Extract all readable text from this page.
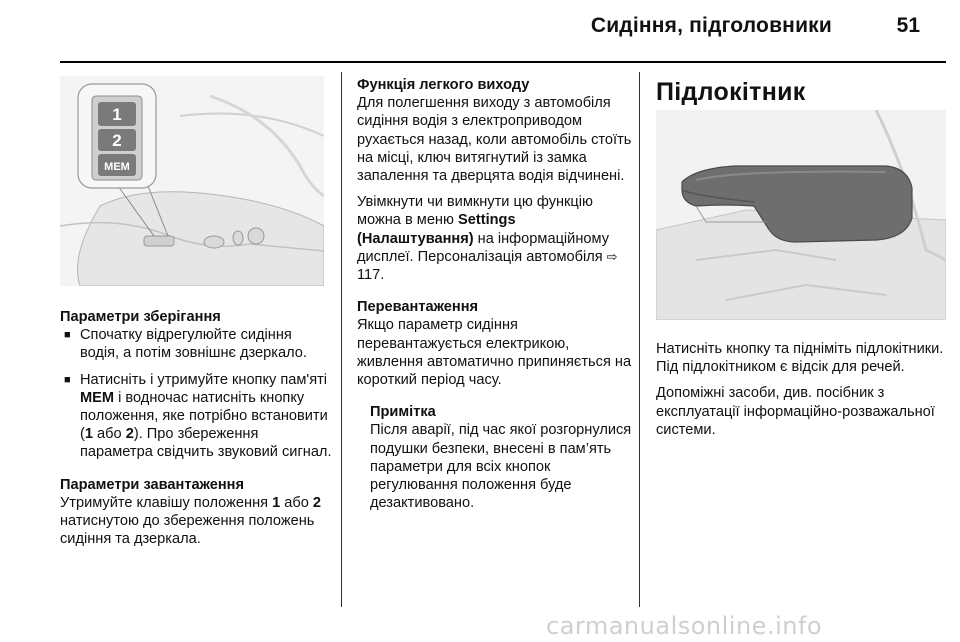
Сидіння, підголовники	51
1
2
MEM

Параметри зберігання

■ Спочатку відрегулюйте сидіння водія, а потім зовнішнє дзеркало.
■ Натисніть і утримуйте кнопку пам'яті MEM і водночас натисніть кнопку положення, яке потрібно встановити (1 або 2). Про збереження параметра свідчить звуковий сигнал.

Параметри завантаження

Утримуйте клавішу положення 1 або 2 натиснутою до збереження положень сидіння та дзеркала.

Функція легкого виходу

Для полегшення виходу з автомобіля сидіння водія з електроприводом рухається назад, коли автомобіль стоїть на місці, ключ витягнутий із замка запалення та дверцята водія відчинені.

Увімкнути чи вимкнути цю функцію можна в меню Settings (Налаштування) на інформаційному дисплеї. Персоналізація автомобіля ⇨ 117.

Перевантаження

Якщо параметр сидіння перевантажується електрикою, живлення автоматично припиняється на короткий період часу.

Примітка

Після аварії, під час якої розгорнулися подушки безпеки, внесені в пам’ять параметри для всіх кнопок регулювання положення буде дезактивовано.

Підлокітник

Натисніть кнопку та підніміть підлокітники. Під підлокітником є відсік для речей.

Допоміжні засоби, див. посібник з експлуатації інформаційно-розважальної системи.

carmanualsonline.info
